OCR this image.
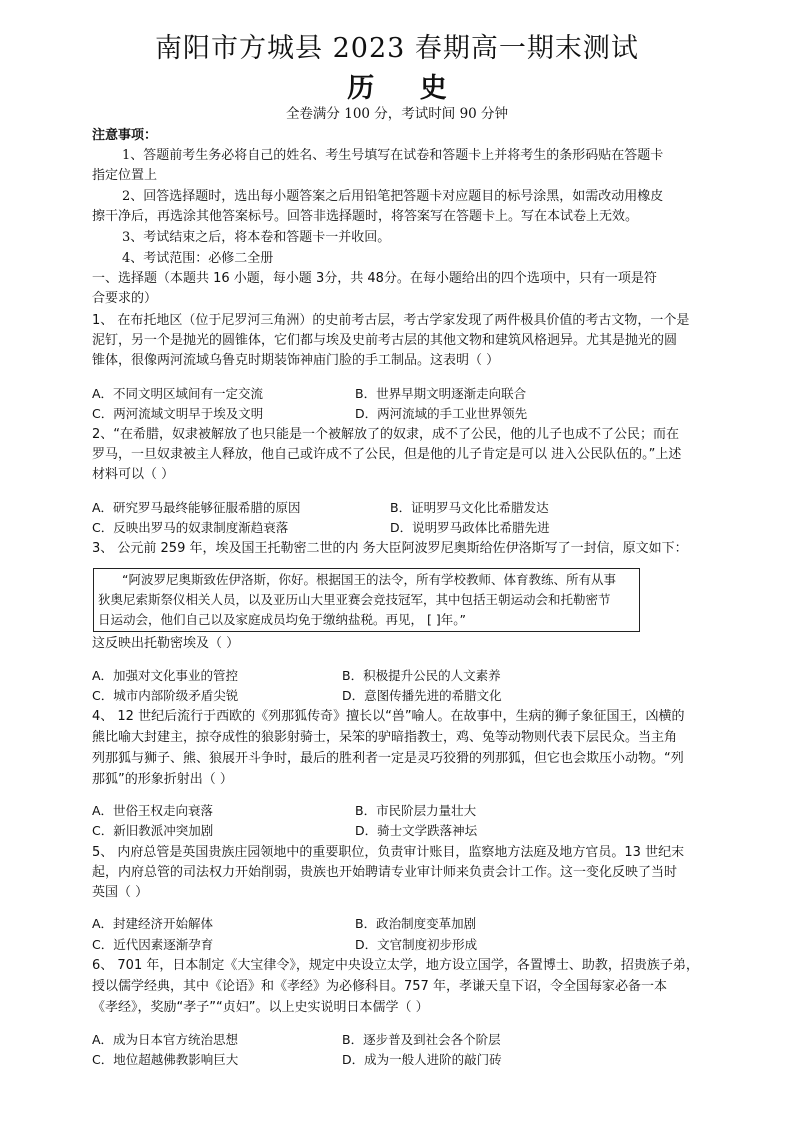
南阳市方城县 2023 春期高一期末测试
历 史
全卷满分 100 分，考试时间 90 分钟
注意事项：
1、答题前考生务必将自己的姓名、考生号填写在试卷和答题卡上并将考生的条形码贴在答题卡
指定位置上
2、回答选择题时，选出每小题答案之后用铅笔把答题卡对应题目的标号涂黑，如需改动用橡皮
擦干净后，再选涂其他答案标号。回答非选择题时，将答案写在答题卡上。写在本试卷上无效。
3、考试结束之后，将本卷和答题卡一并收回。
4、考试范围：必修二全册
一、选择题（本题共 16 小题，每小题 3分，共 48分。在每小题给出的四个选项中，只有一项是符
合要求的）
1、 在布托地区（位于尼罗河三角洲）的史前考古层，考古学家发现了两件极具价值的考古文物，一个是
泥钉，另一个是抛光的圆锥体，它们都与埃及史前考古层的其他文物和建筑风格迥异。尤其是抛光的圆
锥体，很像两河流域乌鲁克时期装饰神庙门脸的手工制品。这表明（ ）
A．不同文明区域间有一定交流	B．世界早期文明逐渐走向联合
C．两河流域文明早于埃及文明	D．两河流域的手工业世界领先
2、“在希腊，奴隶被解放了也只能是一个被解放了的奴隶，成不了公民，他的儿子也成不了公民；而在
罗马，一旦奴隶被主人释放，他自己或许成不了公民，但是他的儿子肯定是可以 进入公民队伍的。”上述
材料可以（ ）
A．研究罗马最终能够征服希腊的原因	B．证明罗马文化比希腊发达
C．反映出罗马的奴隶制度渐趋衰落	D．说明罗马政体比希腊先进
3、 公元前 259 年，埃及国王托勒密二世的内 务大臣阿波罗尼奥斯给佐伊洛斯写了一封信，原文如下：
“阿波罗尼奥斯致佐伊洛斯，你好。根据国王的法令，所有学校教师、体育教练、所有从事
狄奥尼索斯祭仪相关人员，以及亚历山大里亚赛会竞技冠军，其中包括王朝运动会和托勒密节
日运动会，他们自己以及家庭成员均免于缴纳盐税。再见， [ ]年。”
这反映出托勒密埃及（ ）
A．加强对文化事业的管控	B．积极提升公民的人文素养
C．城市内部阶级矛盾尖锐	D．意图传播先进的希腊文化
4、 12 世纪后流行于西欧的《列那狐传奇》擅长以“兽”喻人。在故事中，生病的狮子象征国王，凶横的
熊比喻大封建主，掠夺成性的狼影射骑士，呆笨的驴暗指教士，鸡、兔等动物则代表下层民众。当主角
列那狐与狮子、熊、狼展开斗争时，最后的胜利者一定是灵巧狡猾的列那狐，但它也会欺压小动物。“列
那狐”的形象折射出（ ）
A．世俗王权走向衰落	B．市民阶层力量壮大
C．新旧教派冲突加剧	D．骑士文学跌落神坛
5、 内府总管是英国贵族庄园领地中的重要职位，负责审计账目，监察地方法庭及地方官员。13 世纪末
起，内府总管的司法权力开始削弱，贵族也开始聘请专业审计师来负责会计工作。这一变化反映了当时
英国（ ）
A．封建经济开始解体	B．政治制度变革加剧
C．近代因素逐渐孕育	D．文官制度初步形成
6、 701 年，日本制定《大宝律令》，规定中央设立太学，地方设立国学，各置博士、助教，招贵族子弟，
授以儒学经典，其中《论语》和《孝经》为必修科目。757 年，孝谦天皇下诏，令全国每家必备一本
《孝经》，奖励“孝子”“贞妇”。以上史实说明日本儒学（ ）
A．成为日本官方统治思想	B．逐步普及到社会各个阶层
C．地位超越佛教影响巨大	D．成为一般人进阶的敲门砖
